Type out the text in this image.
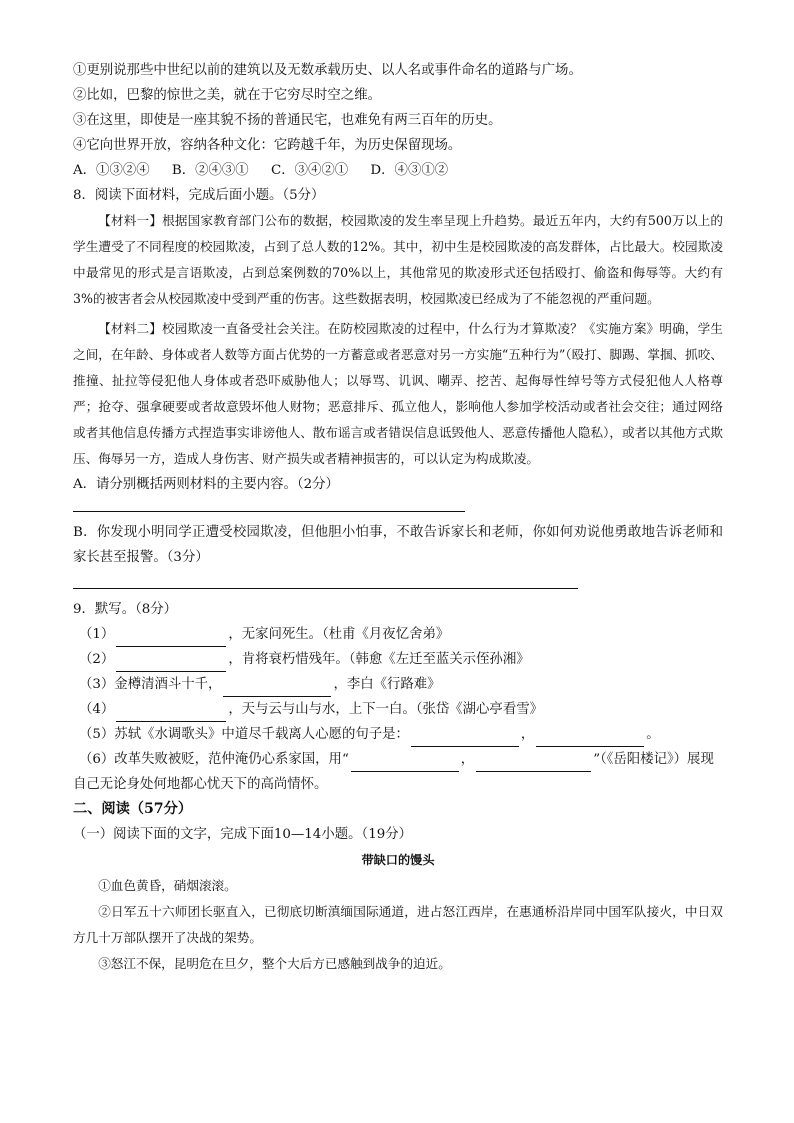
①更别说那些中世纪以前的建筑以及无数承载历史、以人名或事件命名的道路与广场。
②比如，巴黎的惊世之美，就在于它穷尽时空之维。
③在这里，即使是一座其貌不扬的普通民宅，也难免有两三百年的历史。
④它向世界开放，容纳各种文化：它跨越千年，为历史保留现场。
A．①③②④ B．②④③① C．③④②① D．④③①②
8．阅读下面材料，完成后面小题。（5分）

【材料一】根据国家教育部门公布的数据，校园欺凌的发生率呈现上升趋势。最近五年内，大约有500万以上的学生遭受了不同程度的校园欺凌，占到了总人数的12%。其中，初中生是校园欺凌的高发群体，占比最大。校园欺凌中最常见的形式是言语欺凌，占到总案例数的70%以上，其他常见的欺凌形式还包括殴打、偷盗和侮辱等。大约有3%的被害者会从校园欺凌中受到严重的伤害。这些数据表明，校园欺凌已经成为了不能忽视的严重问题。

【材料二】校园欺凌一直备受社会关注。在防校园欺凌的过程中，什么行为才算欺凌？《实施方案》明确，学生之间，在年龄、身体或者人数等方面占优势的一方蓄意或者恶意对另一方实施“五种行为”（殴打、脚踢、掌掴、抓咬、推撞、扯拉等侵犯他人身体或者恐吓威胁他人；以辱骂、讥讽、嘲弄、挖苦、起侮辱性绰号等方式侵犯他人人格尊严；抢夺、强拿硬要或者故意毁坏他人财物；恶意排斥、孤立他人，影响他人参加学校活动或者社会交往；通过网络或者其他信息传播方式捏造事实诽谤他人、散布谣言或者错误信息诋毁他人、恶意传播他人隐私），或者以其他方式欺压、侮辱另一方，造成人身伤害、财产损失或者精神损害的，可以认定为构成欺凌。

A．请分别概括两则材料的主要内容。（2分）

B．你发现小明同学正遭受校园欺凌，但他胆小怕事，不敢告诉家长和老师，你如何劝说他勇敢地告诉老师和家长甚至报警。（3分）

9．默写。（8分）
（1）	，无家问死生。（杜甫《月夜忆舍弟》
（2）	，肯将衰朽惜残年。（韩愈《左迁至蓝关示侄孙湘》
（3）金樽清酒斗十千，	，李白《行路难》
（4）	，天与云与山与水，上下一白。（张岱《湖心亭看雪》
（5）苏轼《水调歌头》中道尽千载离人心愿的句子是：	，	。
（6）改革失败被贬，范仲淹仍心系家国，用“	，	”（《岳阳楼记》）展现
自己无论身处何地都心忧天下的高尚情怀。
二、阅读（57分）
（一）阅读下面的文字，完成下面10—14小题。（19分）
带缺口的馒头

①血色黄昏，硝烟滚滚。

②日军五十六师团长驱直入，已彻底切断滇缅国际通道，进占怒江西岸，在惠通桥沿岸同中国军队接火，中日双方几十万部队摆开了决战的架势。

③怒江不保，昆明危在旦夕，整个大后方已感触到战争的迫近。
